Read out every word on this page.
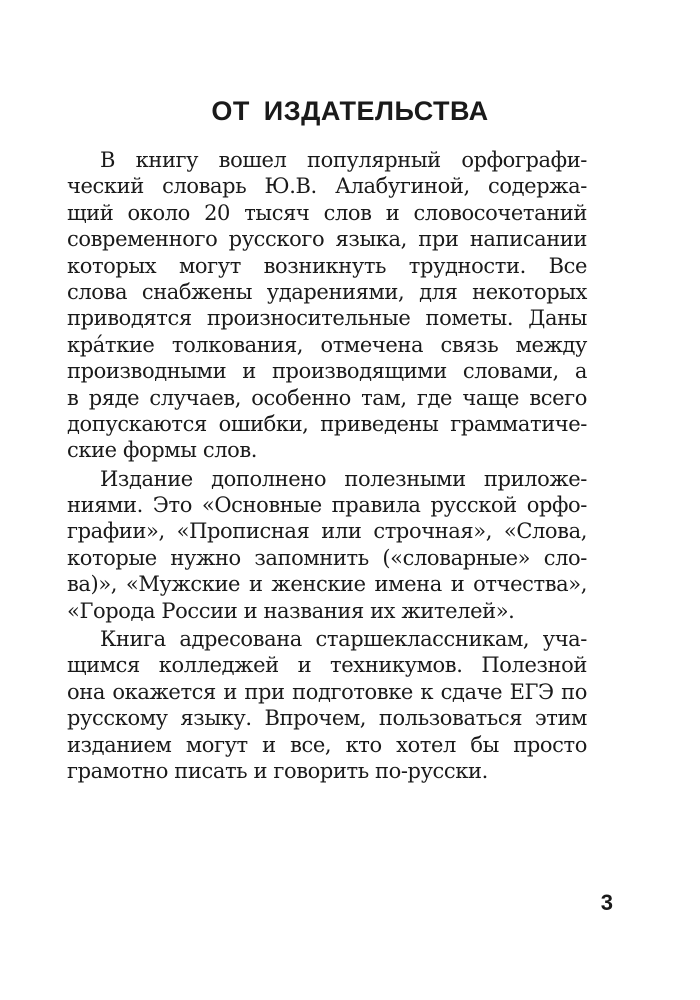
ОТ ИЗДАТЕЛЬСТВА
В книгу вошел популярный орфографи-
ческий словарь Ю.В. Алабугиной, содержа-
щий около 20 тысяч слов и словосочетаний
современного русского языка, при написании
которых могут возникнуть трудности. Все
слова снабжены ударениями, для некоторых
приводятся произносительные пометы. Даны
кра́ткие толкования, отмечена связь между
производными и производящими словами, а
в ряде случаев, особенно там, где чаще всего
допускаются ошибки, приведены грамматиче-
ские формы слов.
Издание дополнено полезными приложе-
ниями. Это «Основные правила русской орфо-
графии», «Прописная или строчная», «Слова,
которые нужно запомнить («словарные» сло-
ва)», «Мужские и женские имена и отчества»,
«Города России и названия их жителей».
Книга адресована старшеклассникам, уча-
щимся колледжей и техникумов. Полезной
она окажется и при подготовке к сдаче ЕГЭ по
русскому языку. Впрочем, пользоваться этим
изданием могут и все, кто хотел бы просто
грамотно писать и говорить по-русски.
3
